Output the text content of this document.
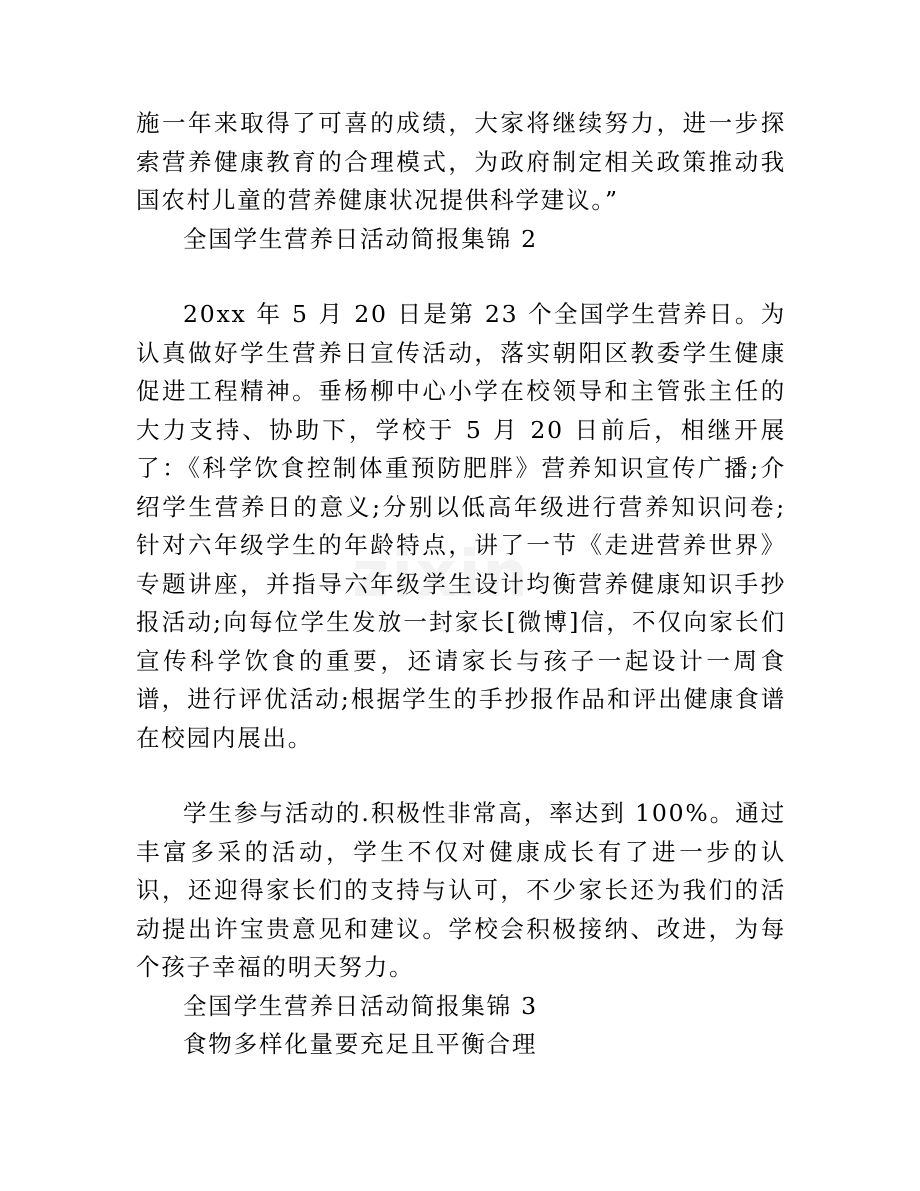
施一年来取得了可喜的成绩，大家将继续努力，进一步探索营养健康教育的合理模式，为政府制定相关政策推动我国农村儿童的营养健康状况提供科学建议。”

全国学生营养日活动简报集锦 2

20xx 年 5 月 20 日是第 23 个全国学生营养日。为认真做好学生营养日宣传活动，落实朝阳区教委学生健康促进工程精神。垂杨柳中心小学在校领导和主管张主任的大力支持、协助下，学校于 5 月 20 日前后，相继开展了：《科学饮食控制体重预防肥胖》营养知识宣传广播;介绍学生营养日的意义;分别以低高年级进行营养知识问卷;针对六年级学生的年龄特点，讲了一节《走进营养世界》专题讲座，并指导六年级学生设计均衡营养健康知识手抄报活动;向每位学生发放一封家长[微博]信，不仅向家长们宣传科学饮食的重要，还请家长与孩子一起设计一周食谱，进行评优活动;根据学生的手抄报作品和评出健康食谱在校园内展出。

学生参与活动的.积极性非常高，率达到 100%。通过丰富多采的活动，学生不仅对健康成长有了进一步的认识，还迎得家长们的支持与认可，不少家长还为我们的活动提出许宝贵意见和建议。学校会积极接纳、改进，为每个孩子幸福的明天努力。

全国学生营养日活动简报集锦 3

食物多样化量要充足且平衡合理
